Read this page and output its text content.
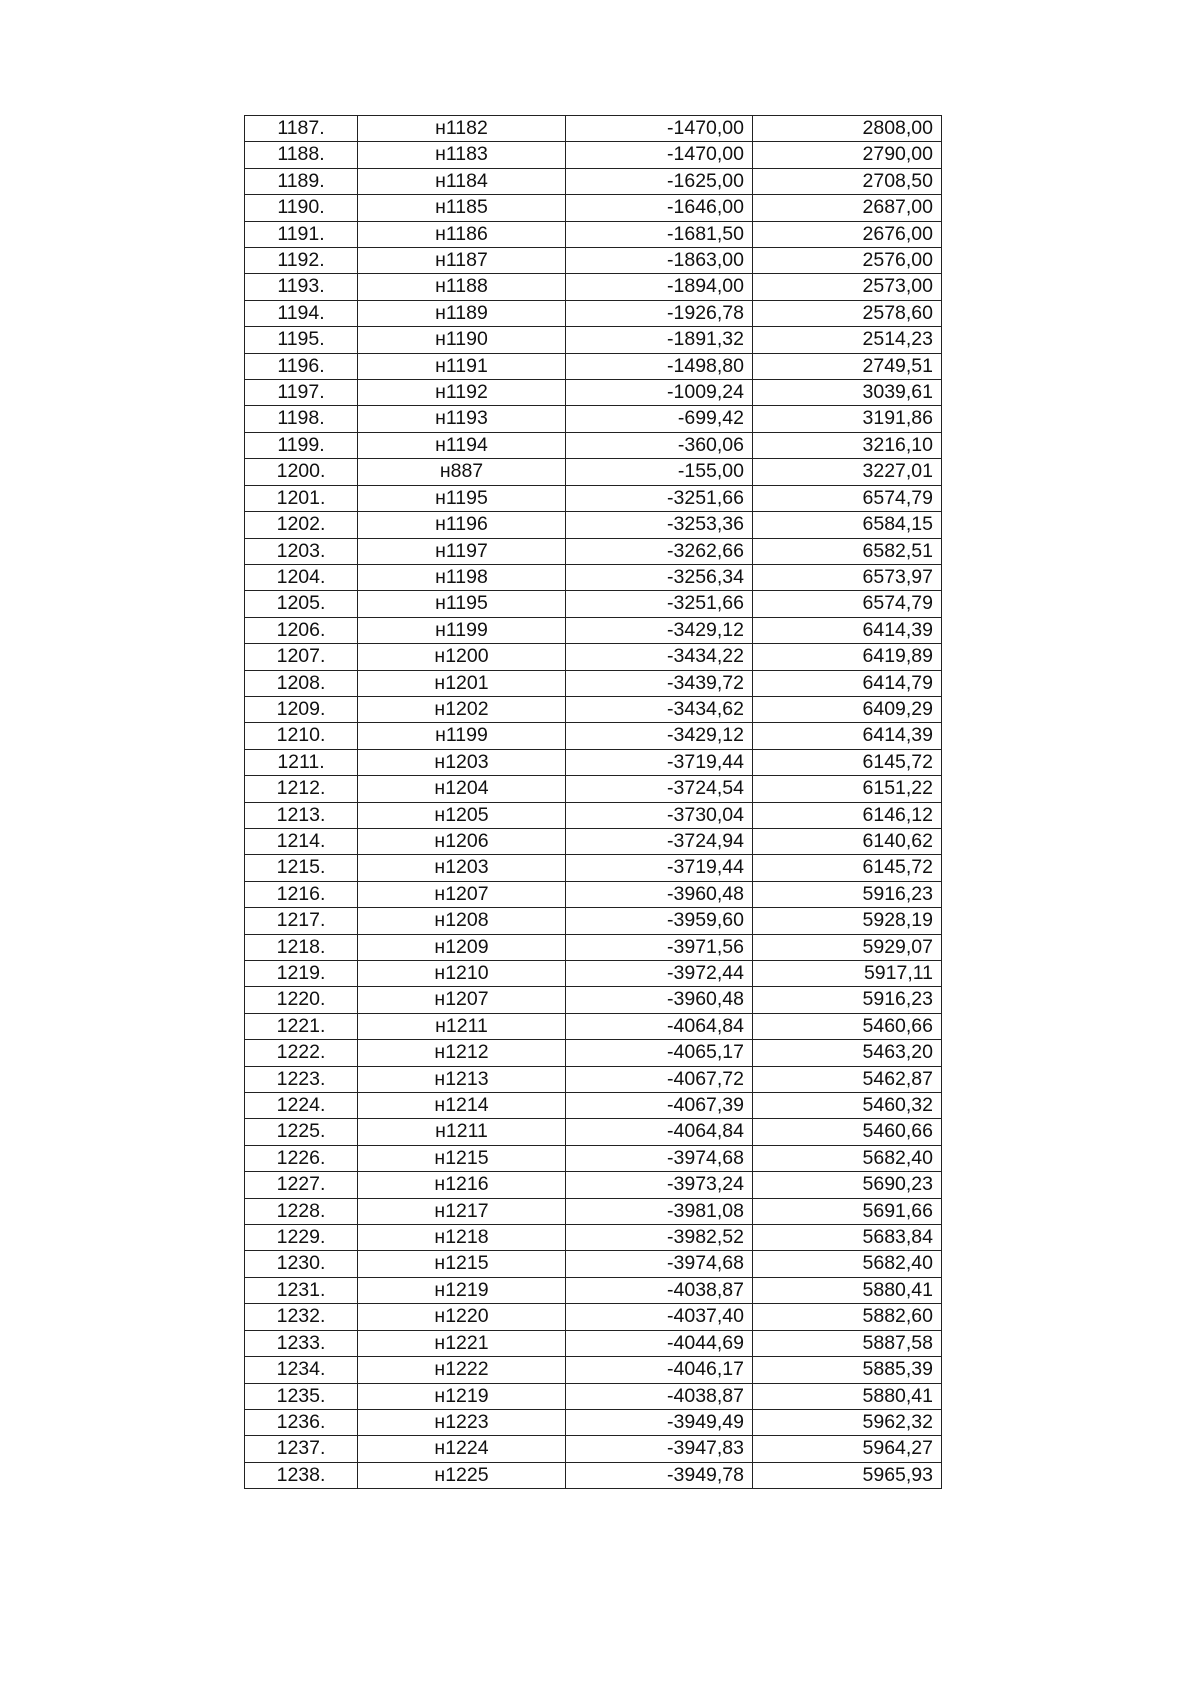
1187.	н1182	-1470,00	2808,00
1188.	н1183	-1470,00	2790,00
1189.	н1184	-1625,00	2708,50
1190.	н1185	-1646,00	2687,00
1191.	н1186	-1681,50	2676,00
1192.	н1187	-1863,00	2576,00
1193.	н1188	-1894,00	2573,00
1194.	н1189	-1926,78	2578,60
1195.	н1190	-1891,32	2514,23
1196.	н1191	-1498,80	2749,51
1197.	н1192	-1009,24	3039,61
1198.	н1193	-699,42	3191,86
1199.	н1194	-360,06	3216,10
1200.	н887	-155,00	3227,01
1201.	н1195	-3251,66	6574,79
1202.	н1196	-3253,36	6584,15
1203.	н1197	-3262,66	6582,51
1204.	н1198	-3256,34	6573,97
1205.	н1195	-3251,66	6574,79
1206.	н1199	-3429,12	6414,39
1207.	н1200	-3434,22	6419,89
1208.	н1201	-3439,72	6414,79
1209.	н1202	-3434,62	6409,29
1210.	н1199	-3429,12	6414,39
1211.	н1203	-3719,44	6145,72
1212.	н1204	-3724,54	6151,22
1213.	н1205	-3730,04	6146,12
1214.	н1206	-3724,94	6140,62
1215.	н1203	-3719,44	6145,72
1216.	н1207	-3960,48	5916,23
1217.	н1208	-3959,60	5928,19
1218.	н1209	-3971,56	5929,07
1219.	н1210	-3972,44	5917,11
1220.	н1207	-3960,48	5916,23
1221.	н1211	-4064,84	5460,66
1222.	н1212	-4065,17	5463,20
1223.	н1213	-4067,72	5462,87
1224.	н1214	-4067,39	5460,32
1225.	н1211	-4064,84	5460,66
1226.	н1215	-3974,68	5682,40
1227.	н1216	-3973,24	5690,23
1228.	н1217	-3981,08	5691,66
1229.	н1218	-3982,52	5683,84
1230.	н1215	-3974,68	5682,40
1231.	н1219	-4038,87	5880,41
1232.	н1220	-4037,40	5882,60
1233.	н1221	-4044,69	5887,58
1234.	н1222	-4046,17	5885,39
1235.	н1219	-4038,87	5880,41
1236.	н1223	-3949,49	5962,32
1237.	н1224	-3947,83	5964,27
1238.	н1225	-3949,78	5965,93
